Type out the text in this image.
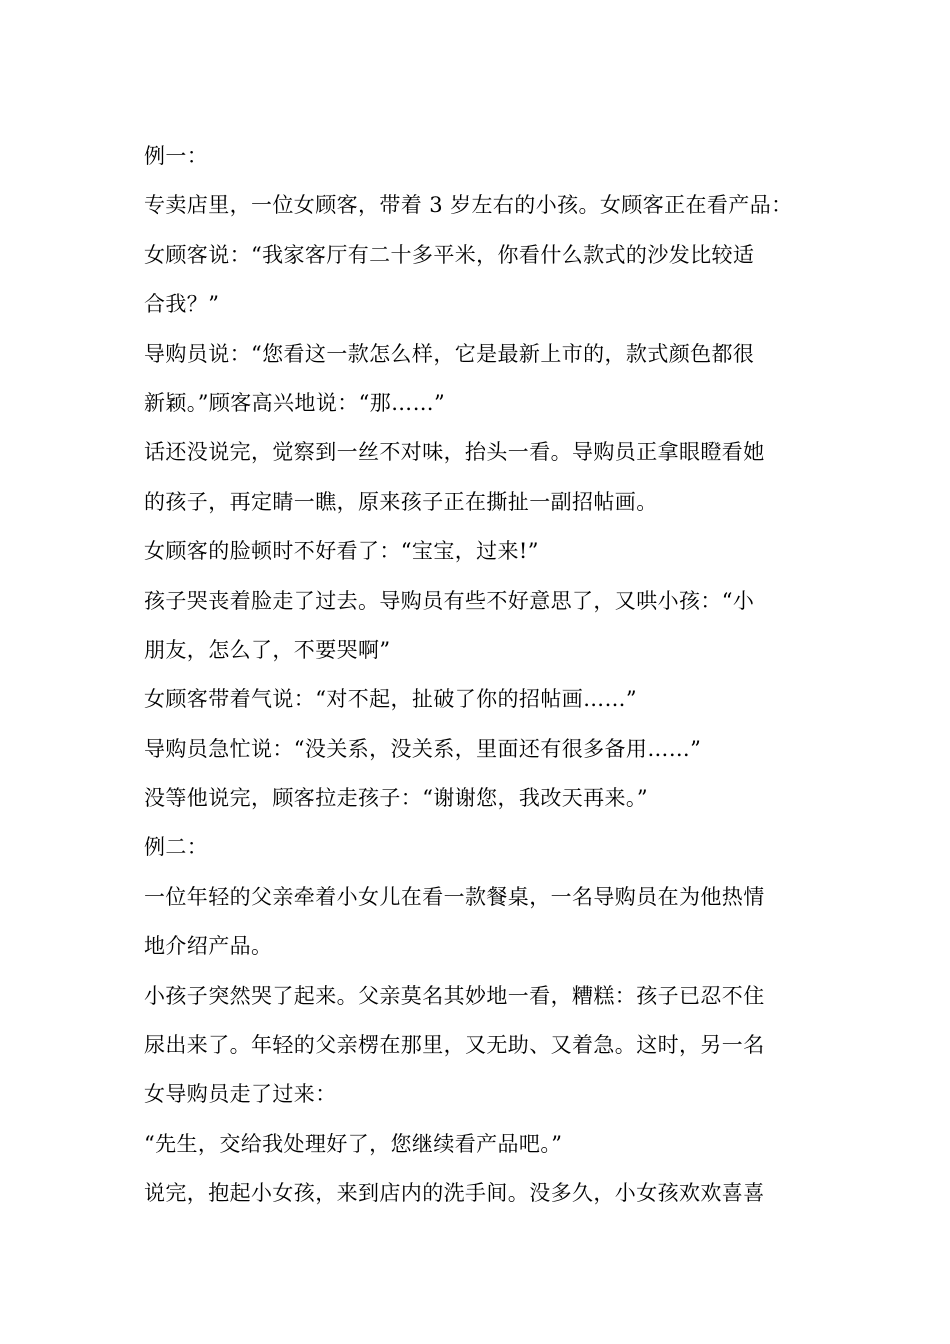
例一：
专卖店里，一位女顾客，带着 3 岁左右的小孩。女顾客正在看产品：
女顾客说：“我家客厅有二十多平米，你看什么款式的沙发比较适
合我？”
导购员说：“您看这一款怎么样，它是最新上市的，款式颜色都很
新颖。”顾客高兴地说：“那……”
话还没说完，觉察到一丝不对味，抬头一看。导购员正拿眼瞪看她
的孩子，再定睛一瞧，原来孩子正在撕扯一副招帖画。
女顾客的脸顿时不好看了：“宝宝，过来!”
孩子哭丧着脸走了过去。导购员有些不好意思了，又哄小孩：“小
朋友，怎么了，不要哭啊”
女顾客带着气说：“对不起，扯破了你的招帖画……”
导购员急忙说：“没关系，没关系，里面还有很多备用……”
没等他说完，顾客拉走孩子：“谢谢您，我改天再来。”
例二：
一位年轻的父亲牵着小女儿在看一款餐桌，一名导购员在为他热情
地介绍产品。
小孩子突然哭了起来。父亲莫名其妙地一看，糟糕：孩子已忍不住
尿出来了。年轻的父亲楞在那里，又无助、又着急。这时，另一名
女导购员走了过来：
“先生，交给我处理好了，您继续看产品吧。”
说完，抱起小女孩，来到店内的洗手间。没多久，小女孩欢欢喜喜
